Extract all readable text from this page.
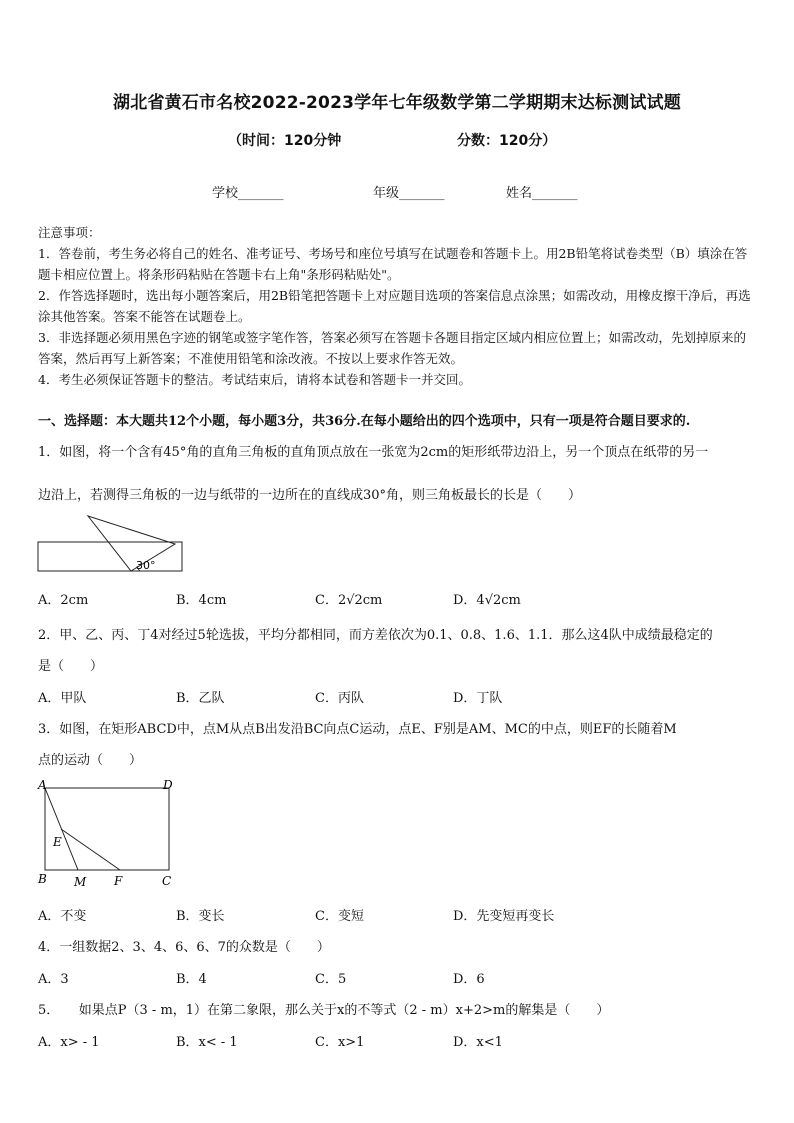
湖北省黄石市名校2022-2023学年七年级数学第二学期期末达标测试试题
（时间：120分钟	分数：120分）
学校_______	年级_______	姓名_______

注意事项：

1．答卷前，考生务必将自己的姓名、准考证号、考场号和座位号填写在试题卷和答题卡上。用2B铅笔将试卷类型（B）填涂在答题卡相应位置上。将条形码粘贴在答题卡右上角"条形码粘贴处"。

2．作答选择题时，选出每小题答案后，用2B铅笔把答题卡上对应题目选项的答案信息点涂黑；如需改动，用橡皮擦干净后，再选涂其他答案。答案不能答在试题卷上。

3．非选择题必须用黑色字迹的钢笔或签字笔作答，答案必须写在答题卡各题目指定区域内相应位置上；如需改动，先划掉原来的答案，然后再写上新答案；不准使用铅笔和涂改液。不按以上要求作答无效。

4．考生必须保证答题卡的整洁。考试结束后，请将本试卷和答题卡一并交回。

一、选择题：本大题共12个小题，每小题3分，共36分.在每小题给出的四个选项中，只有一项是符合题目要求的.
1．如图，将一个含有45°角的直角三角板的直角顶点放在一张宽为2cm的矩形纸带边沿上，另一个顶点在纸带的另一
边沿上，若测得三角板的一边与纸带的一边所在的直线成30°角，则三角板最长的长是（　　）
30°
A．2cm	B．4cm	C．2√2cm	D．4√2cm
2．甲、乙、丙、丁4对经过5轮选拔，平均分都相同，而方差依次为0.1、0.8、1.6、1.1．那么这4队中成绩最稳定的
是（　　）
A．甲队	B．乙队	C．丙队	D．丁队
3．如图，在矩形ABCD中，点M从点B出发沿BC向点C运动，点E、F别是AM、MC的中点，则EF的长随着M
点的运动（　　）
A	D
B	C
E
M F
A．不变	B．变长	C．变短	D．先变短再变长
4．一组数据2、3、4、6、6、7的众数是（　　）
A．3	B．4	C．5	D．6
5．　　如果点P（3 - m，1）在第二象限，那么关于x的不等式（2 - m）x+2>m的解集是（　　）
A．x> - 1	B．x< - 1	C．x>1	D．x<1
